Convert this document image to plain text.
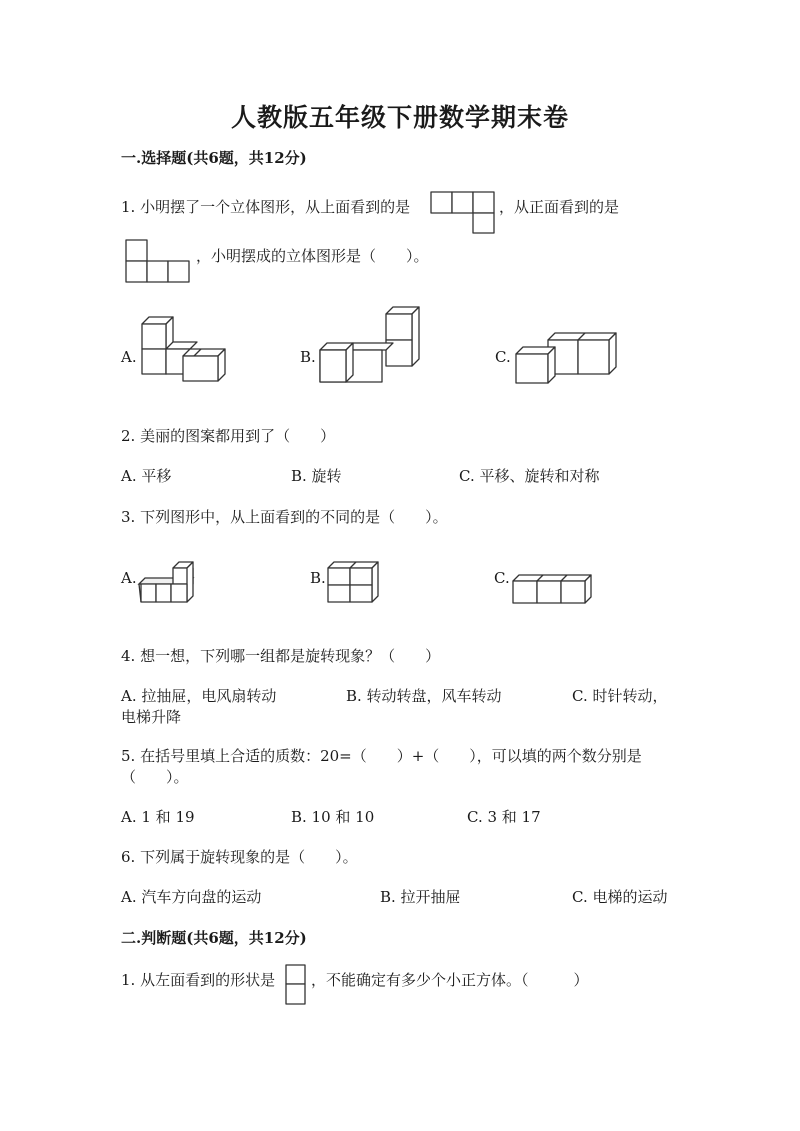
人教版五年级下册数学期末卷
一.选择题(共6题，共12分)
1. 小明摆了一个立体图形，从上面看到的是	，从正面看到的是
，小明摆成的立体图形是（　　）。
A.	B.	C.
2. 美丽的图案都用到了（　　）
A. 平移	B. 旋转	C. 平移、旋转和对称
3. 下列图形中，从上面看到的不同的是（　　）。
A.	B.	C.
4. 想一想，下列哪一组都是旋转现象？（　　）
A. 拉抽屉，电风扇转动	B. 转动转盘，风车转动	C. 时针转动，
电梯升降
5. 在括号里填上合适的质数：20=（　　）+（　　），可以填的两个数分别是
（　　）。
A. 1 和 19	B. 10 和 10	C. 3 和 17
6. 下列属于旋转现象的是（　　）。
A. 汽车方向盘的运动	B. 拉开抽屉	C. 电梯的运动
二.判断题(共6题，共12分)
1. 从左面看到的形状是 ，不能确定有多少个小正方体。（　　　）
